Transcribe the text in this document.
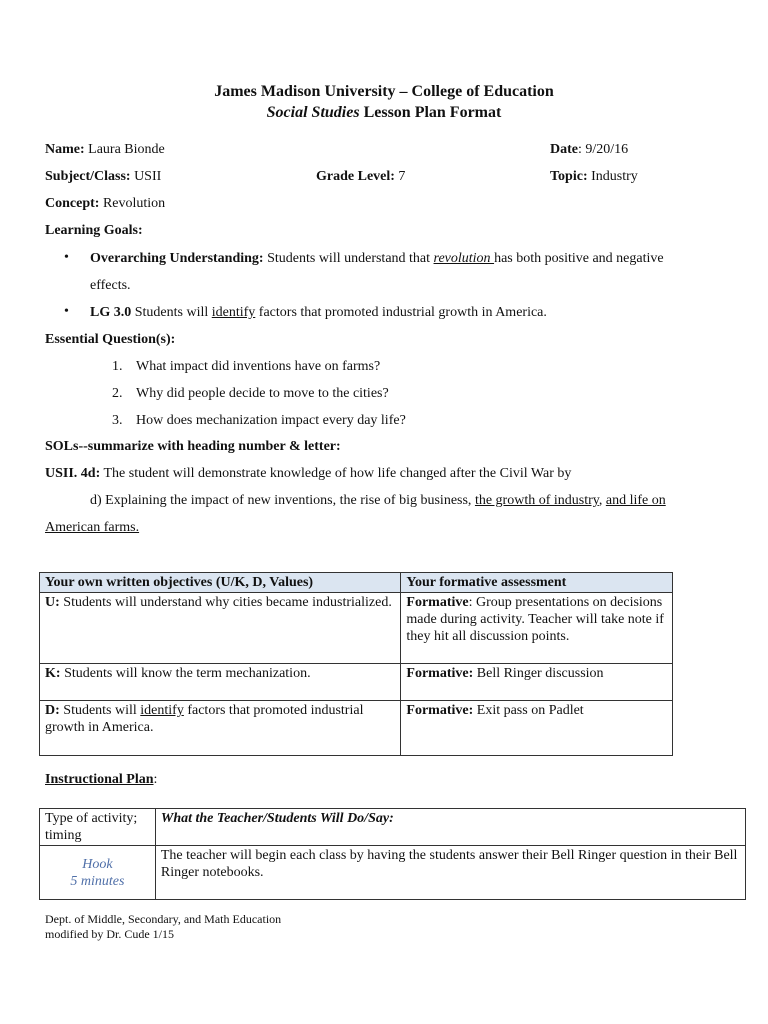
James Madison University – College of Education
Social Studies Lesson Plan Format
Name: Laura Bionde	Date: 9/20/16
Subject/Class: USII	Grade Level: 7	Topic: Industry
Concept: Revolution
Learning Goals:
• Overarching Understanding: Students will understand that revolution has both positive and negative
effects.
• LG 3.0 Students will identify factors that promoted industrial growth in America.
Essential Question(s):
1. What impact did inventions have on farms?
2. Why did people decide to move to the cities?
3. How does mechanization impact every day life?
SOLs--summarize with heading number & letter:
USII. 4d: The student will demonstrate knowledge of how life changed after the Civil War by
d) Explaining the impact of new inventions, the rise of big business, the growth of industry, and life on
American farms.
Your own written objectives (U/K, D, Values)	Your formative assessment
U: Students will understand why cities became industrialized.	Formative: Group presentations on decisions made during activity. Teacher will take note if they hit all discussion points.
K: Students will know the term mechanization.	Formative: Bell Ringer discussion
D: Students will identify factors that promoted industrial growth in America.	Formative: Exit pass on Padlet
Instructional Plan:
Type of activity; timing	What the Teacher/Students Will Do/Say:

Hook
5 minutes	The teacher will begin each class by having the students answer their Bell Ringer question in their Bell Ringer notebooks.
Dept. of Middle, Secondary, and Math Education
modified by Dr. Cude 1/15
